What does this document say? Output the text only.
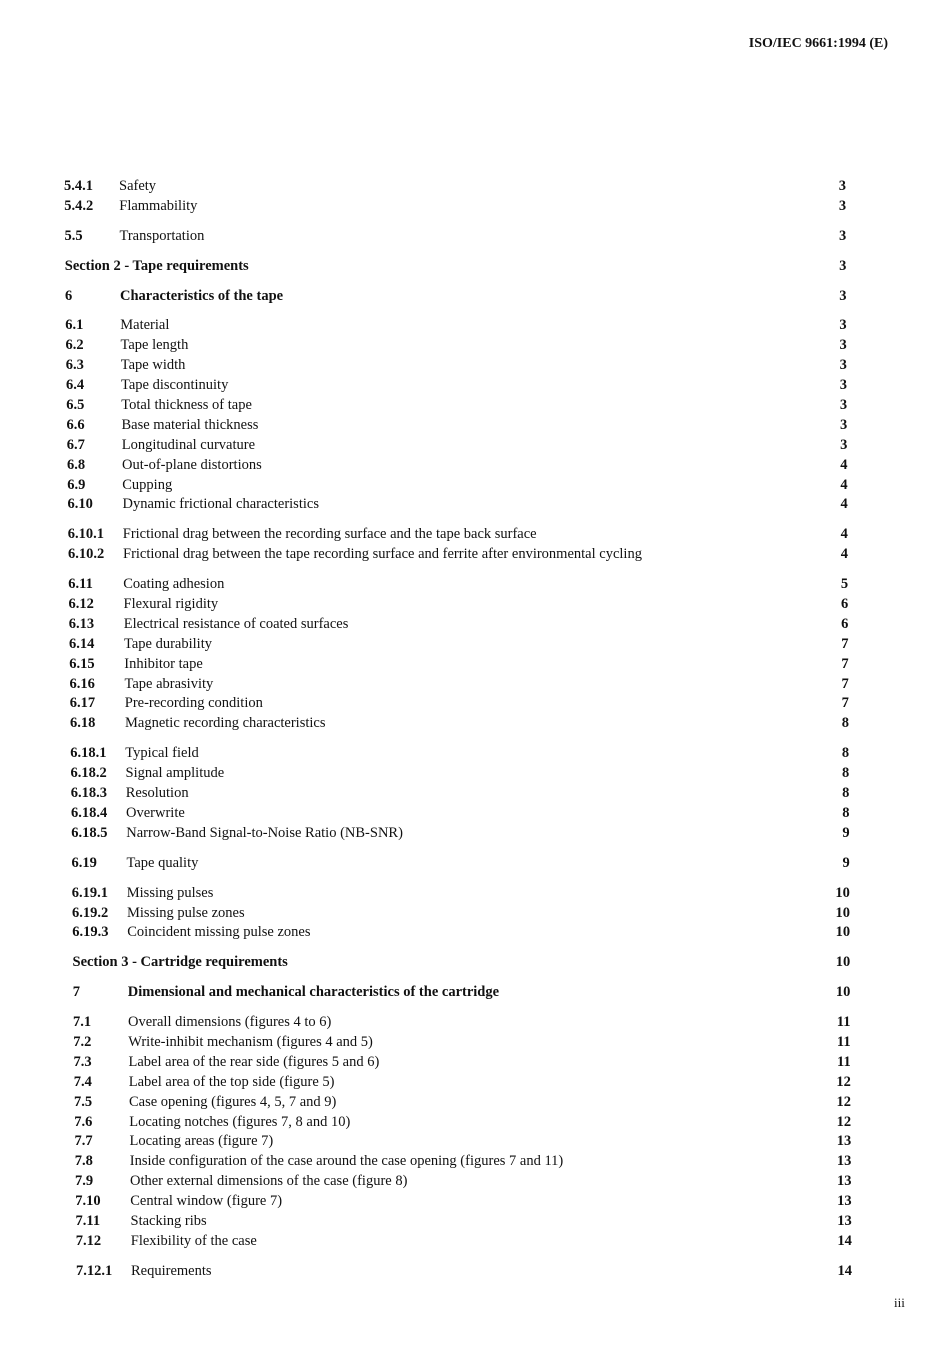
ISO/IEC 9661:1994 (E)
5.4.1 Safety	3
5.4.2 Flammability	3
5.5	Transportation	3
Section 2 - Tape requirements	3
6	Characteristics of the tape	3
6.1	Material	3
6.2	Tape length	3
6.3	Tape width	3
6.4	Tape discontinuity	3
6.5	Total thickness of tape	3
6.6	Base material thickness	3
6.7	Longitudinal curvature	3
6.8	Out-of-plane distortions	4
6.9	Cupping	4
6.10 Dynamic frictional characteristics	4
6.10.1 Frictional drag between the recording surface and the tape back surface	4
6.10.2 Frictional drag between the tape recording surface and ferrite after environmental cycling	4
6.11 Coating adhesion	5
6.12 Flexural rigidity	6
6.13 Electrical resistance of coated surfaces	6
6.14 Tape durability	7
6.15 Inhibitor tape	7
6.16 Tape abrasivity	7
6.17 Pre-recording condition	7
6.18 Magnetic recording characteristics	8
6.18.1 Typical field	8
6.18.2 Signal amplitude	8
6.18.3 Resolution	8
6.18.4 Overwrite	8
6.18.5 Narrow-Band Signal-to-Noise Ratio (NB-SNR)	9
6.19 Tape quality	9
6.19.1 Missing pulses	10
6.19.2 Missing pulse zones	10
6.19.3 Coincident missing pulse zones	10
Section 3 - Cartridge requirements	10
7	Dimensional and mechanical characteristics of the cartridge	10
7.1	Overall dimensions (figures 4 to 6)	11
7.2	Write-inhibit mechanism (figures 4 and 5)	11
7.3	Label area of the rear side (figures 5 and 6)	11
7.4	Label area of the top side (figure 5)	12
7.5	Case opening (figures 4, 5, 7 and 9)	12
7.6	Locating notches (figures 7, 8 and 10)	12
7.7	Locating areas (figure 7)	13
7.8	Inside configuration of the case around the case opening (figures 7 and 11)	13
7.9	Other external dimensions of the case (figure 8)	13
7.10 Central window (figure 7)	13
7.11 Stacking ribs	13
7.12 Flexibility of the case	14
7.12.1 Requirements	14
iii
